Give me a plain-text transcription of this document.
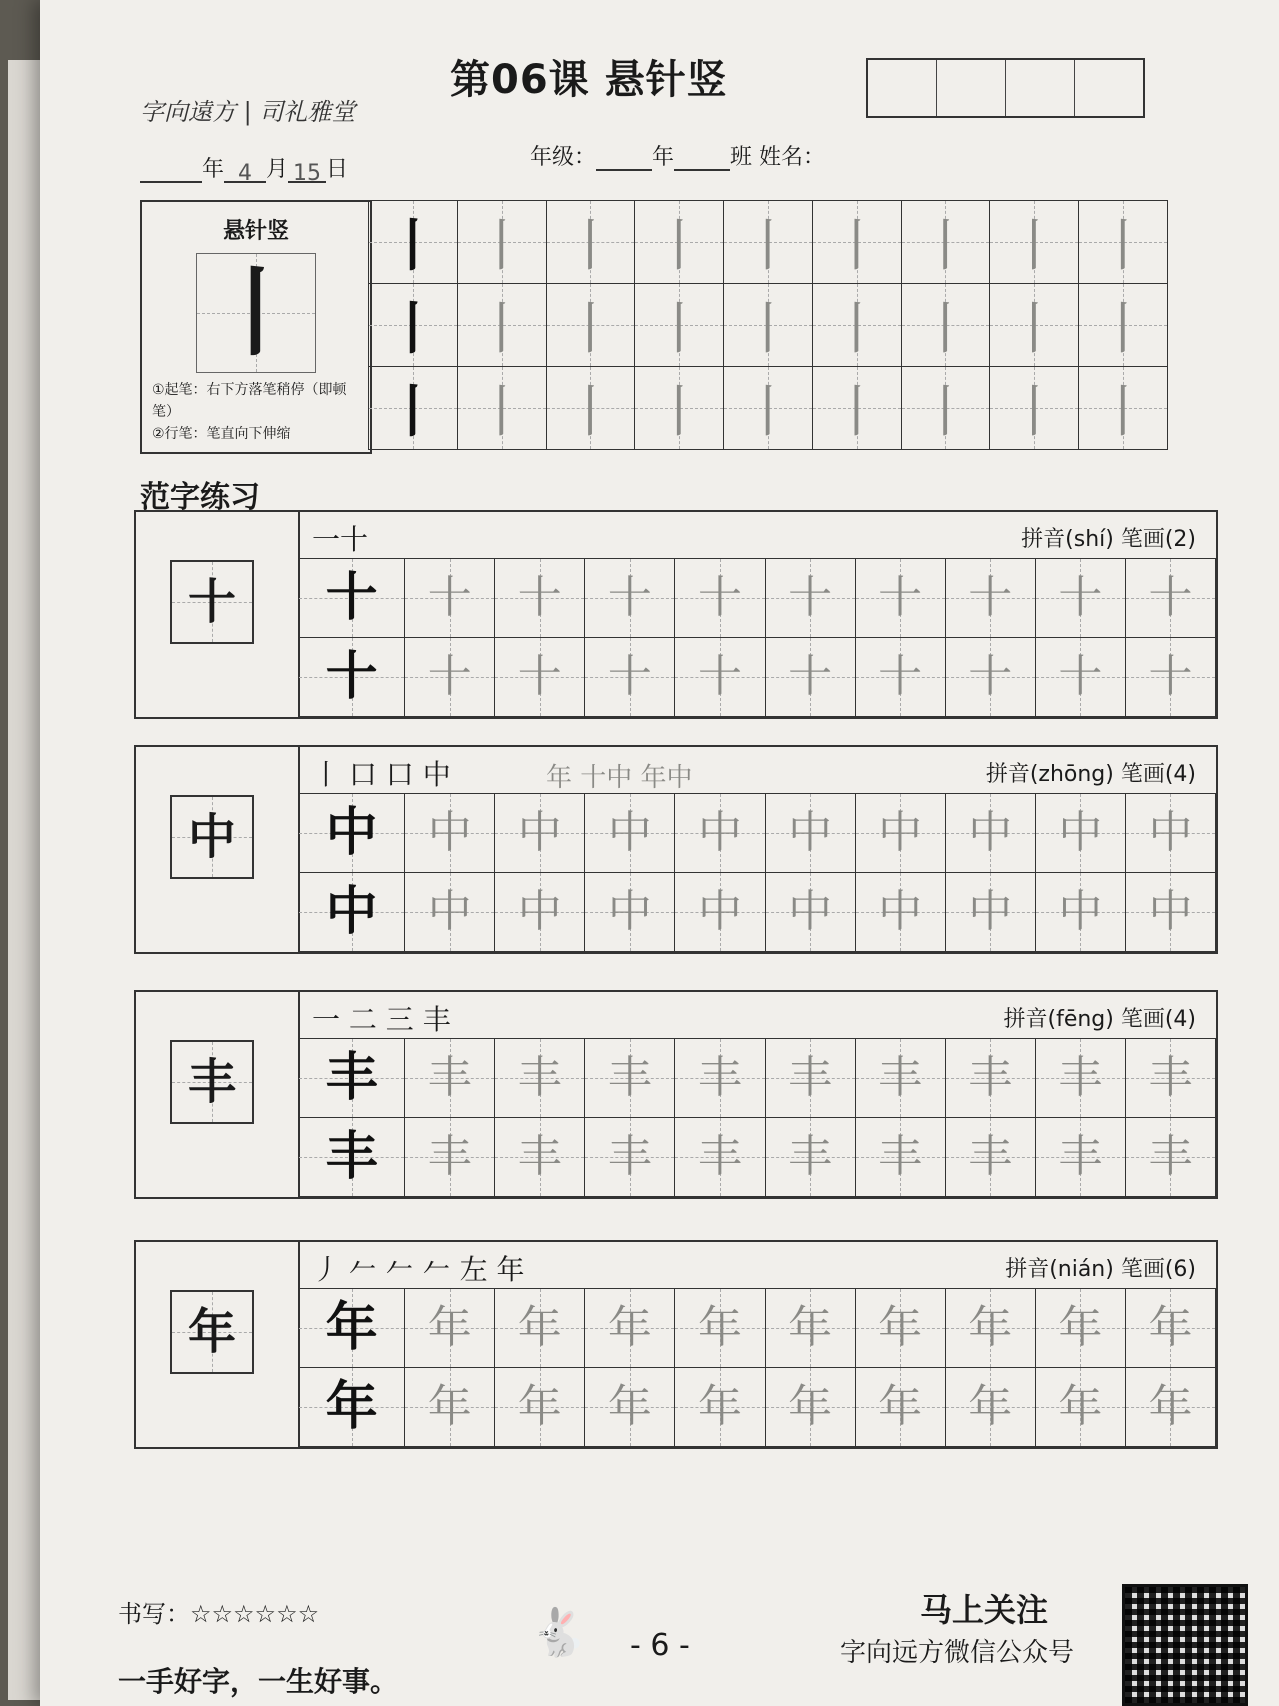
字向遠方 | 司礼雅堂
第06课 悬针竖
年 4 月 15 日	年级：	年	班 姓名：
悬针竖
丨
①起笔：右下方落笔稍停（即顿笔）
②行笔：笔直向下伸缩
丨	丨	丨	丨	丨	丨	丨	丨	丨

丨	丨	丨	丨	丨	丨	丨	丨	丨

丨	丨	丨	丨	丨	丨	丨	丨	丨
范字练习
十
一十	拼音(shí) 笔画(2)
十	十	十	十	十	十	十	十	十	十

十	十	十	十	十	十	十	十	十	十
中
丨 口 口 中	年 十中 年中	拼音(zhōng) 笔画(4)
中	中	中	中	中	中	中	中	中	中

中	中	中	中	中	中	中	中	中	中
丰
一 二 三 丰	拼音(fēng) 笔画(4)
丰	丰	丰	丰	丰	丰	丰	丰	丰	丰

丰	丰	丰	丰	丰	丰	丰	丰	丰	丰
年
丿 𠂉 𠂉 𠂉 左 年	拼音(nián) 笔画(6)
年	年	年	年	年	年	年	年	年	年

年	年	年	年	年	年	年	年	年	年
书写：☆☆☆☆☆☆
一手好字，一生好事。
🐇 - 6 -
马上关注
字向远方微信公众号
